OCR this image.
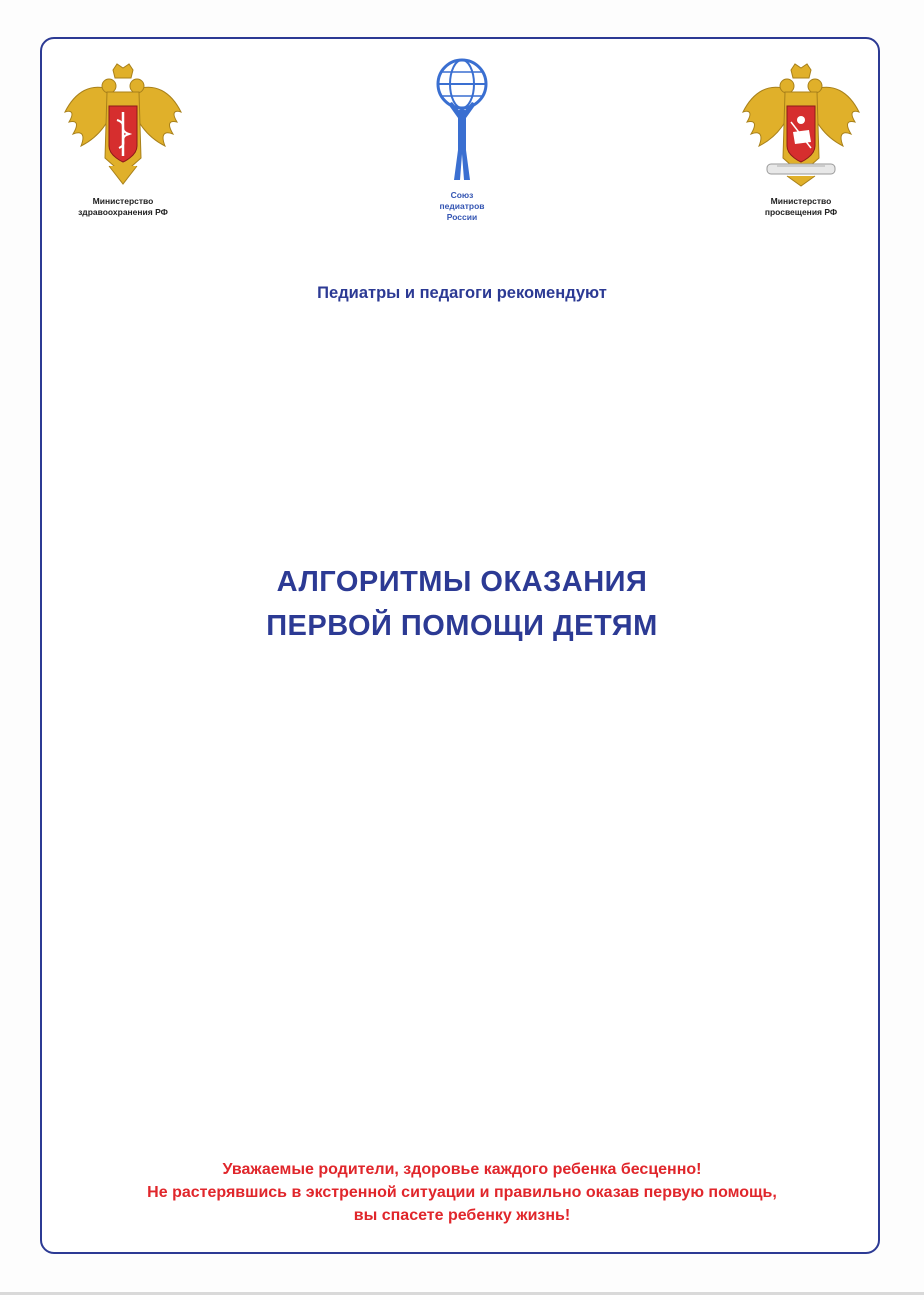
Министерство
здравоохранения РФ
Союз
педиатров
России
Министерство
просвещения РФ
Педиатры и педагоги рекомендуют
АЛГОРИТМЫ ОКАЗАНИЯ
ПЕРВОЙ ПОМОЩИ ДЕТЯМ
Уважаемые родители, здоровье каждого ребенка бесценно!
Не растерявшись в экстренной ситуации и правильно оказав первую помощь,
вы спасете ребенку жизнь!
